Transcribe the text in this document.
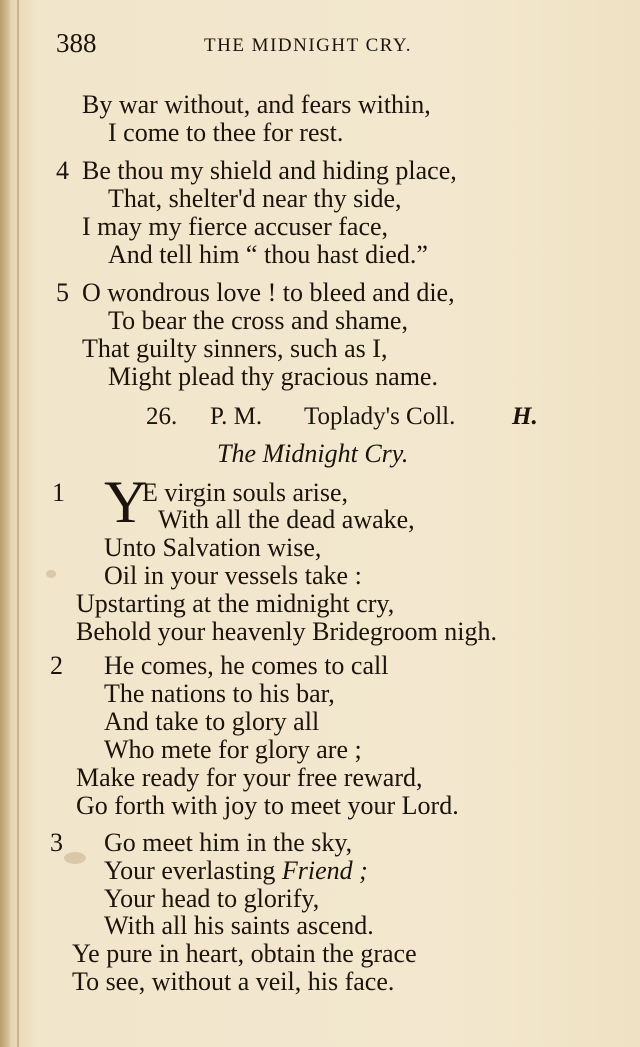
388	THE MIDNIGHT CRY.
By war without, and fears within,
I come to thee for rest.
4 Be thou my shield and hiding place,
That, shelter'd near thy side,
I may my fierce accuser face,
And tell him “ thou hast died.”
5 O wondrous love ! to bleed and die,
To bear the cross and shame,
That guilty sinners, such as I,
Might plead thy gracious name.
26. P. M. Toplady's Coll. H.
The Midnight Cry.
Y
1	E virgin souls arise,
With all the dead awake,
Unto Salvation wise,
Oil in your vessels take :
Upstarting at the midnight cry,
Behold your heavenly Bridegroom nigh.
2 He comes, he comes to call
The nations to his bar,
And take to glory all
Who mete for glory are ;
Make ready for your free reward,
Go forth with joy to meet your Lord.
3 Go meet him in the sky,
Your everlasting Friend ;
Your head to glorify,
With all his saints ascend.
Ye pure in heart, obtain the grace
To see, without a veil, his face.
